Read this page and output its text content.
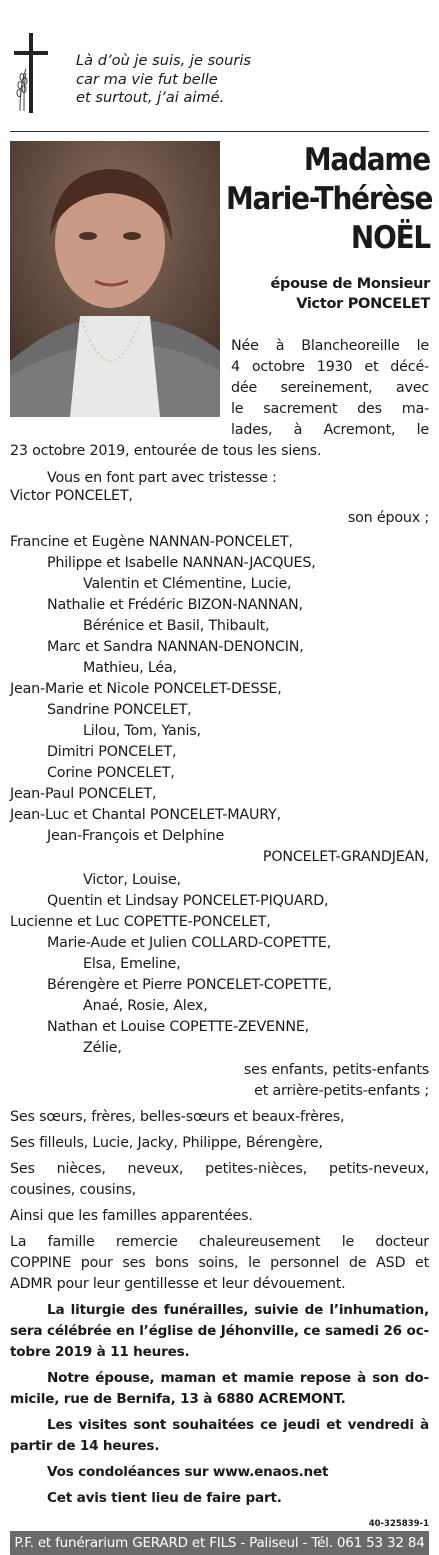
Là d’où je suis, je souris
car ma vie fut belle
et surtout, j’ai aimé.
Madame
Marie-Thérèse
NOËL
épouse de Monsieur
Victor PONCELET
Née à Blancheoreille le
4 octobre 1930 et décé-
dée sereinement, avec
le sacrement des ma-
lades, à Acremont, le
23 octobre 2019, entourée de tous les siens.
Vous en font part avec tristesse :
Victor PONCELET,
son époux ;
Francine et Eugène NANNAN-PONCELET,
Philippe et Isabelle NANNAN-JACQUES,
Valentin et Clémentine, Lucie,
Nathalie et Frédéric BIZON-NANNAN,
Bérénice et Basil, Thibault,
Marc et Sandra NANNAN-DENONCIN,
Mathieu, Léa,
Jean-Marie et Nicole PONCELET-DESSE,
Sandrine PONCELET,
Lilou, Tom, Yanis,
Dimitri PONCELET,
Corine PONCELET,
Jean-Paul PONCELET,
Jean-Luc et Chantal PONCELET-MAURY,
Jean-François et Delphine
PONCELET-GRANDJEAN,
Victor, Louise,
Quentin et Lindsay PONCELET-PIQUARD,
Lucienne et Luc COPETTE-PONCELET,
Marie-Aude et Julien COLLARD-COPETTE,
Elsa, Emeline,
Bérengère et Pierre PONCELET-COPETTE,
Anaé, Rosie, Alex,
Nathan et Louise COPETTE-ZEVENNE,
Zélie,
ses enfants, petits-enfants
et arrière-petits-enfants ;
Ses sœurs, frères, belles-sœurs et beaux-frères,
Ses filleuls, Lucie, Jacky, Philippe, Bérengère,
Ses nièces, neveux, petites-nièces, petits-neveux,
cousines, cousins,
Ainsi que les familles apparentées.
La famille remercie chaleureusement le docteur
COPPINE pour ses bons soins, le personnel de ASD et
ADMR pour leur gentillesse et leur dévouement.
La liturgie des funérailles, suivie de l’inhumation,
sera célébrée en l’église de Jéhonville, ce samedi 26 oc-
tobre 2019 à 11 heures.
Notre épouse, maman et mamie repose à son do-
micile, rue de Bernifa, 13 à 6880 ACREMONT.
Les visites sont souhaitées ce jeudi et vendredi à
partir de 14 heures.
Vos condoléances sur www.enaos.net
Cet avis tient lieu de faire part.
40-325839-1
P.F. et funérarium GERARD et FILS - Paliseul - Tél. 061 53 32 84
